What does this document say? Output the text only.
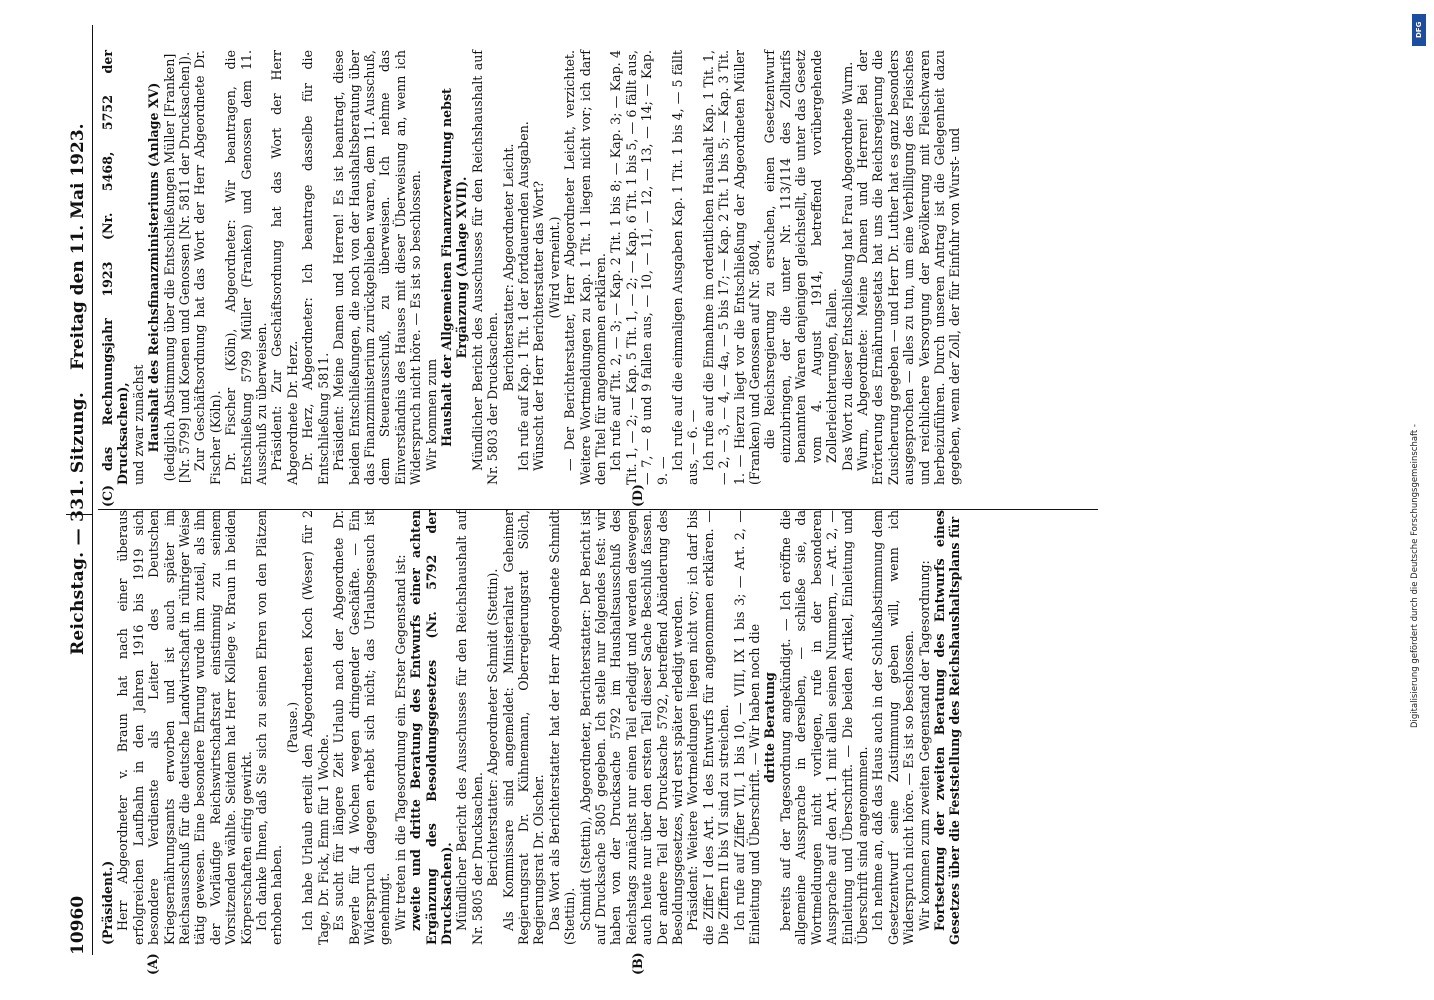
10960
Reichstag. — 331. Sitzung.
Freitag den 11. Mai 1923.
(A)	(B)
(C)	(D)

(Präsident.) Herr Abgeordneter v. Braun hat nach einer überaus erfolgreichen Laufbahn in den Jahren 1916 bis 1919 sich besondere Verdienste als Leiter des Deutschen Kriegsernährungsamts erworben und ist auch später im Reichsausschuß für die deutsche Landwirtschaft in rühriger Weise tätig gewesen. Eine besondere Ehrung wurde ihm zuteil, als ihn der Vorläufige Reichswirtschaftsrat einstimmig zu seinem Vorsitzenden wählte. Seitdem hat Herr Kollege v. Braun in beiden Körperschaften eifrig gewirkt. Ich danke Ihnen, daß Sie sich zu seinen Ehren von den Plätzen erhoben haben.

(Pause.) Ich habe Urlaub erteilt den Abgeordneten Koch (Weser) für 2 Tage, Dr. Fick, Emn für 1 Woche. Es sucht für längere Zeit Urlaub nach der Abgeordnete Dr. Beyerle für 4 Wochen wegen dringender Geschäfte. — Ein Widerspruch dagegen erhebt sich nicht; das Urlaubsgesuch ist genehmigt. Wir treten in die Tagesordnung ein. Erster Gegenstand ist: zweite und dritte Beratung des Entwurfs einer achten Ergänzung des Besoldungsgesetzes (Nr. 5792 der Drucksachen). Mündlicher Bericht des Ausschusses für den Reichshaushalt auf Nr. 5805 der Drucksachen. Berichterstatter: Abgeordneter Schmidt (Stettin). Als Kommissare sind angemeldet: Ministerialrat Geheimer Regierungsrat Dr. Kühnemann, Oberregierungsrat Sölch, Regierungsrat Dr. Olscher. Das Wort als Berichterstatter hat der Herr Abgeordnete Schmidt (Stettin). Schmidt (Stettin), Abgeordneter, Berichterstatter: Der Bericht ist auf Drucksache 5805 gegeben. Ich stelle nur folgendes fest: wir haben von der Drucksache 5792 im Haushaltsausschuß des Reichstags zunächst nur einen Teil erledigt und werden deswegen auch heute nur über den ersten Teil dieser Sache Beschluß fassen. Der andere Teil der Drucksache 5792, betreffend Abänderung des Besoldungsgesetzes, wird erst später erledigt werden. Präsident: Weitere Wortmeldungen liegen nicht vor; ich darf bis die Ziffer I des Art. 1 des Entwurfs für angenommen erklären. — Die Ziffern II bis VI sind zu streichen. Ich rufe auf Ziffer VII, 1 bis 10, — VIII, IX 1 bis 3; — Art. 2, — Einleitung und Überschrift. — Wir haben noch die dritte Beratung bereits auf der Tagesordnung angekündigt. — Ich eröffne die allgemeine Aussprache in derselben, — schließe sie, da Wortmeldungen nicht vorliegen, rufe in der besonderen Aussprache auf den Art. 1 mit allen seinen Nummern, — Art. 2, — Einleitung und Überschrift. — Die beiden Artikel, Einleitung und Überschrift sind angenommen. Ich nehme an, daß das Haus auch in der Schlußabstimmung dem Gesetzentwurf seine Zustimmung geben will, wenn ich Widerspruch nicht höre. — Es ist so beschlossen. Wir kommen zum zweiten Gegenstand der Tagesordnung: Fortsetzung der zweiten Beratung des Entwurfs eines Gesetzes über die Feststellung des Reichshaushaltsplans für

das Rechnungsjahr 1923 (Nr. 5468, 5752 der Drucksachen), und zwar zunächst Haushalt des Reichsfinanzministeriums (Anlage XV) (lediglich Abstimmung über die Entschließungen Müller [Franken] [Nr. 5799] und Koenen und Genossen [Nr. 5811 der Drucksachen]). Zur Geschäftsordnung hat das Wort der Herr Abgeordnete Dr. Fischer (Köln). Dr. Fischer (Köln), Abgeordneter: Wir beantragen, die Entschließung 5799 Müller (Franken) und Genossen dem 11. Ausschuß zu überweisen. Präsident: Zur Geschäftsordnung hat das Wort der Herr Abgeordnete Dr. Herz. Dr. Herz, Abgeordneter: Ich beantrage dasselbe für die Entschließung 5811. Präsident: Meine Damen und Herren! Es ist beantragt, diese beiden Entschließungen, die noch von der Haushaltsberatung über das Finanzministerium zurückgeblieben waren, dem 11. Ausschuß, dem Steuerausschuß, zu überweisen. Ich nehme das Einverständnis des Hauses mit dieser Überweisung an, wenn ich Widerspruch nicht höre. — Es ist so beschlossen. Wir kommen zum Haushalt der Allgemeinen Finanzverwaltung nebst Ergänzung (Anlage XVII). Mündlicher Bericht des Ausschusses für den Reichshaushalt auf Nr. 5803 der Drucksachen.

Berichterstatter: Abgeordneter Leicht. Ich rufe auf Kap. 1 Tit. 1 der fortdauernden Ausgaben. Wünscht der Herr Berichterstatter das Wort? (Wird verneint.) — Der Berichterstatter, Herr Abgeordneter Leicht, verzichtet. Weitere Wortmeldungen zu Kap. 1 Tit. 1 liegen nicht vor; ich darf den Titel für angenommen erklären. Ich rufe auf Tit. 2, — 3; — Kap. 2 Tit. 1 bis 8; — Kap. 3; — Kap. 4 Tit. 1, — 2; — Kap. 5 Tit. 1, — 2; — Kap. 6 Tit. 1 bis 5, — 6 fällt aus, — 7, — 8 und 9 fallen aus, — 10, — 11, — 12, — 13, — 14; — Kap. 9. — Ich rufe auf die einmaligen Ausgaben Kap. 1 Tit. 1 bis 4, — 5 fällt aus, — 6. — Ich rufe auf die Einnahme im ordentlichen Haushalt Kap. 1 Tit. 1, — 2, — 3, — 4, — 4a, — 5 bis 17; — Kap. 2 Tit. 1 bis 5; — Kap. 3 Tit. 1. — Hierzu liegt vor die Entschließung der Abgeordneten Müller (Franken) und Genossen auf Nr. 5804, die Reichsregierung zu ersuchen, einen Gesetzentwurf einzubringen, der die unter Nr. 113/114 des Zolltarifs benannten Waren denjenigen gleichstellt, die unter das Gesetz vom 4. August 1914, betreffend vorübergehende Zollerleichterungen, fallen. Das Wort zu dieser Entschließung hat Frau Abgeordnete Wurm. Wurm, Abgeordnete: Meine Damen und Herren! Bei der Erörterung des Ernährungsetats hat uns die Reichsregierung die Zusicherung gegeben — und Herr Dr. Luther hat es ganz besonders ausgesprochen — alles zu tun, um eine Verbilligung des Fleisches und reichlichere Versorgung der Bevölkerung mit Fleischwaren herbeizuführen. Durch unseren Antrag ist die Gelegenheit dazu gegeben, wenn der Zoll, der für Einfuhr von Wurst- und

Digitalisierung gefördert durch die Deutsche Forschungsgemeinschaft -
DFG
